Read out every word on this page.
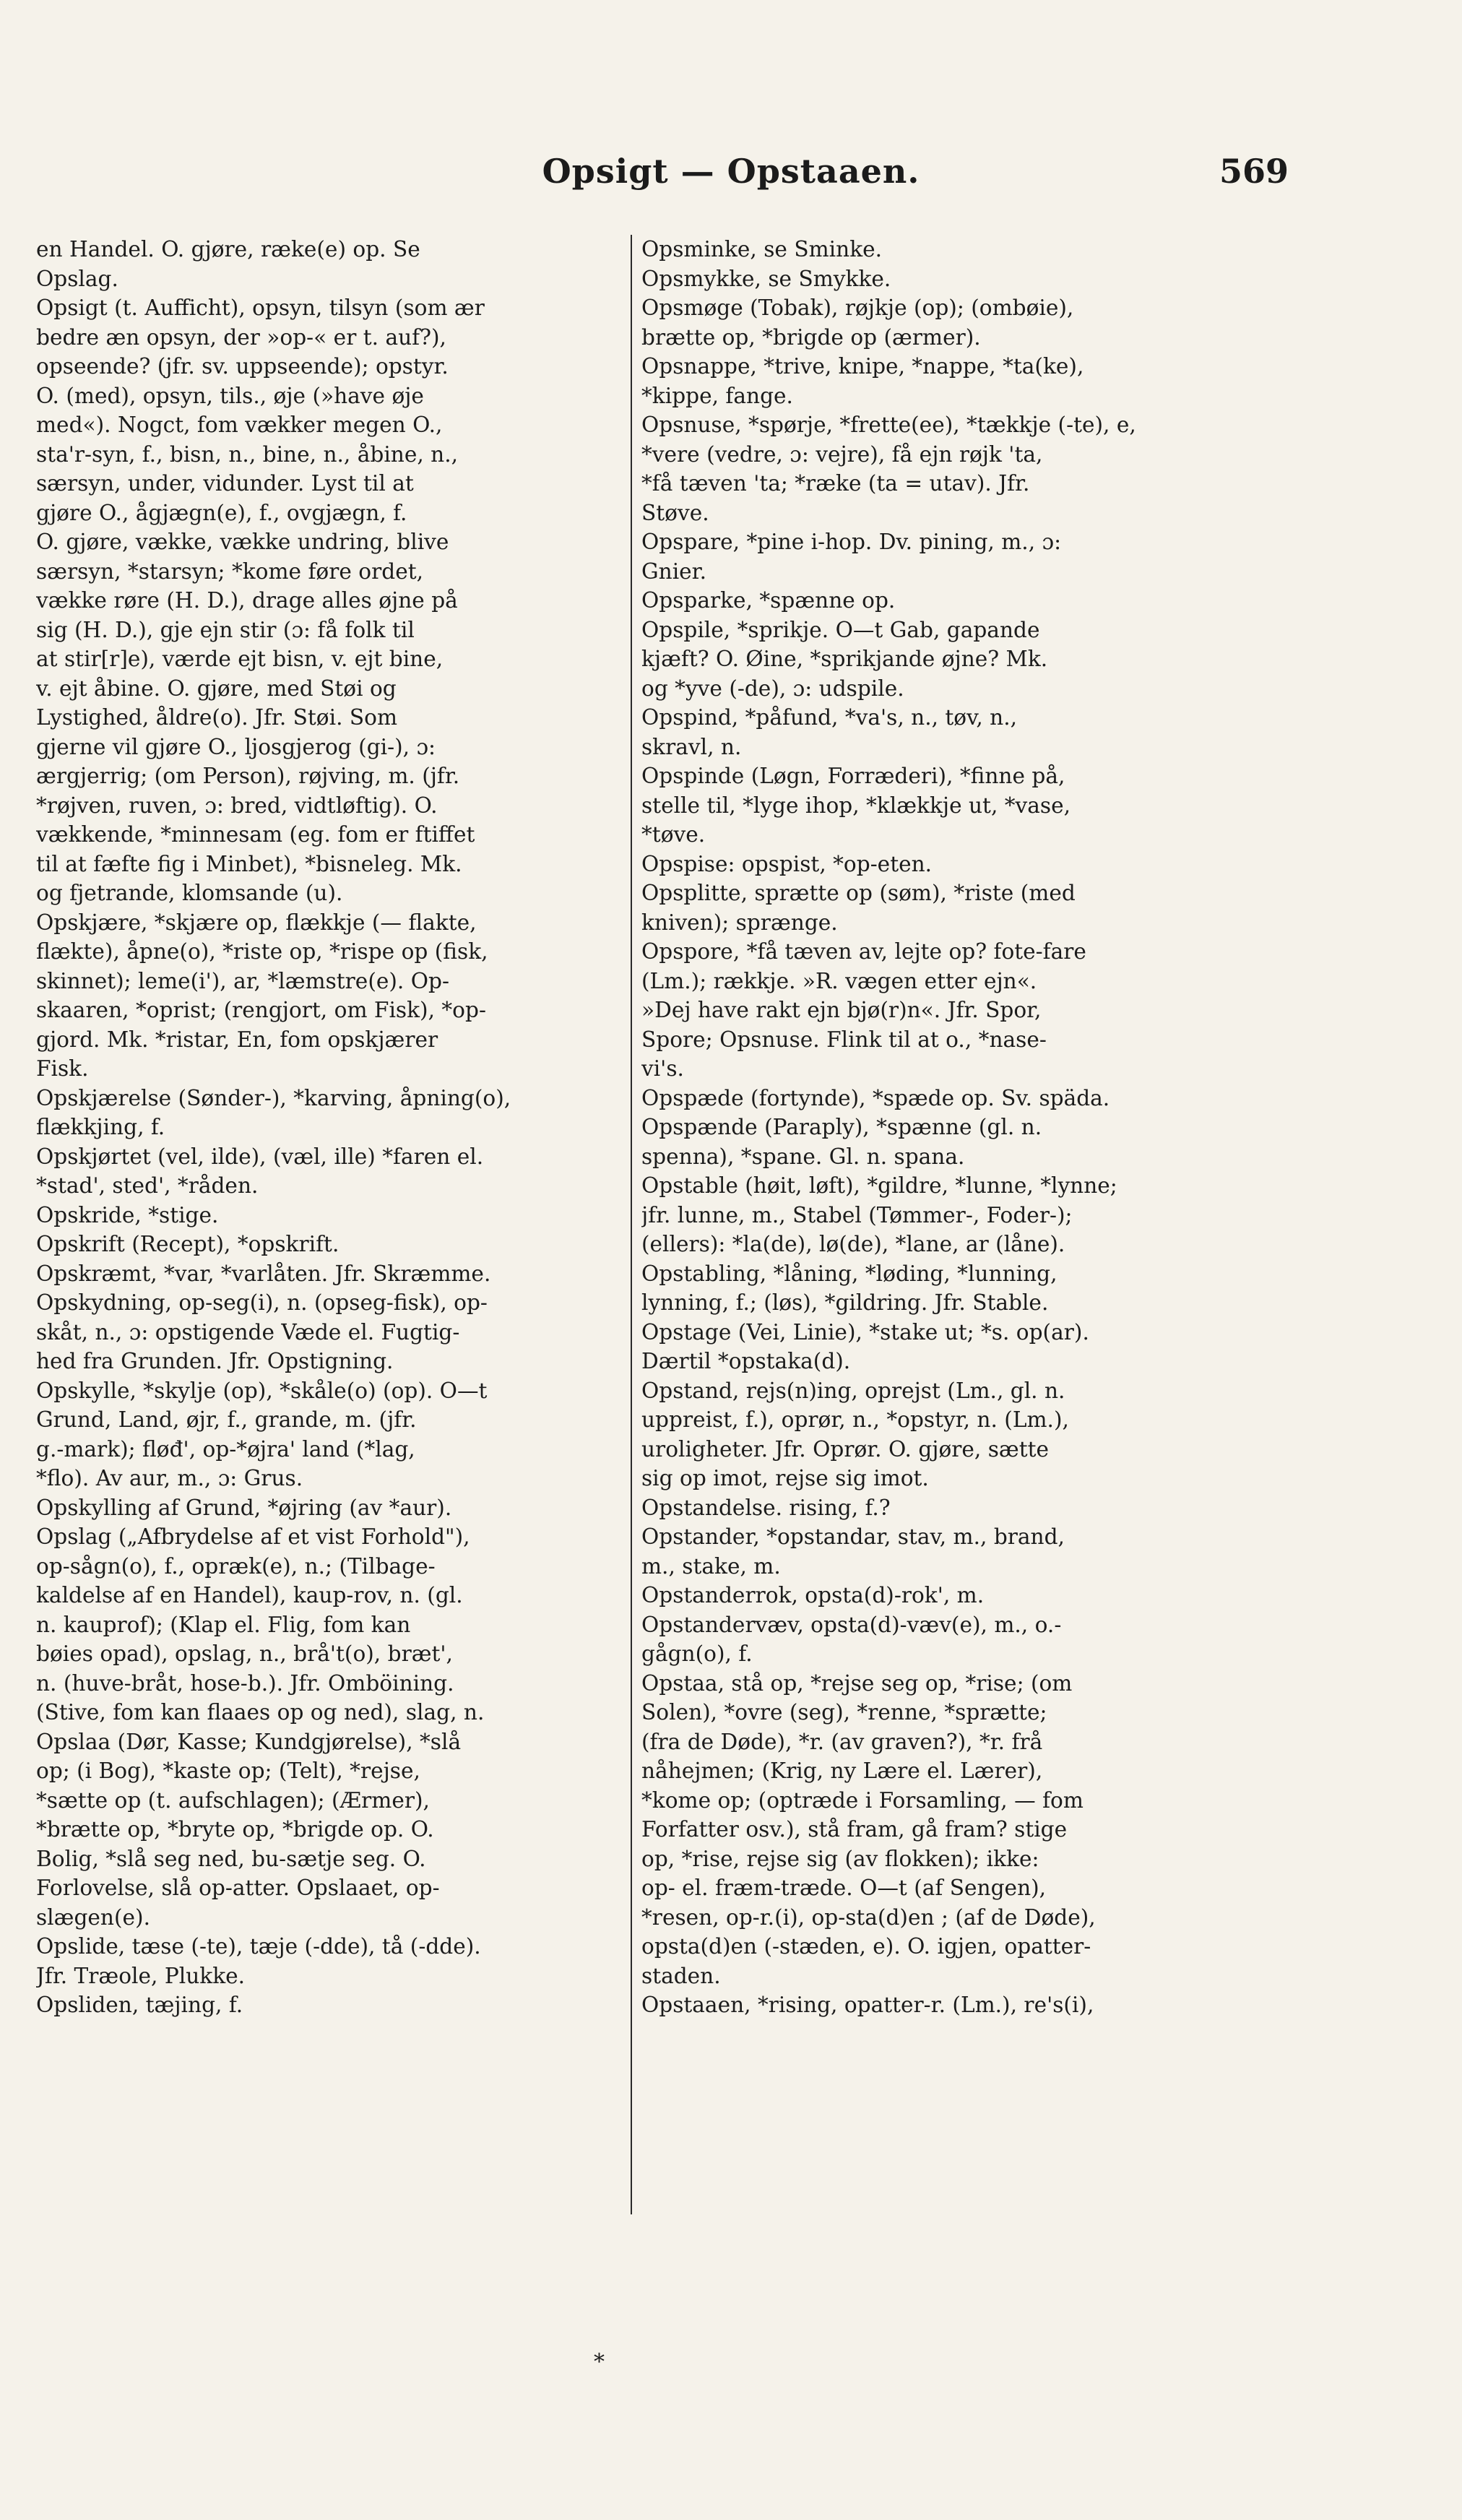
Opsigt — Opstaaen.	569
en Handel. O. gjøre, ræke(e) op. Se
Opslag.
Opsigt (t. Aufficht), opsyn, tilsyn (som ær
bedre æn opsyn, der »op-« er t. auf?),
opseende? (jfr. sv. uppseende); opstyr.
O. (med), opsyn, tils., øje (»have øje
med«). Nogct, fom vækker megen O.,
sta'r-syn, f., bisn, n., bine, n., åbine, n.,
særsyn, under, vidunder. Lyst til at
gjøre O., ågjægn(e), f., ovgjægn, f.
O. gjøre, vække, vække undring, blive
særsyn, *starsyn; *kome føre ordet,
vække røre (H. D.), drage alles øjne på
sig (H. D.), gje ejn stir (ɔ: få folk til
at stir[r]e), værde ejt bisn, v. ejt bine,
v. ejt åbine. O. gjøre, med Støi og
Lystighed, åldre(o). Jfr. Støi. Som
gjerne vil gjøre O., ljosgjerog (gi-), ɔ:
ærgjerrig; (om Person), røjving, m. (jfr.
*røjven, ruven, ɔ: bred, vidtløftig). O.
vækkende, *minnesam (eg. fom er ftiffet
til at fæfte fig i Minbet), *bisneleg. Mk.
og fjetrande, klomsande (u).
Opskjære, *skjære op, flækkje (— flakte,
flækte), åpne(o), *riste op, *rispe op (fisk,
skinnet); leme(i'), ar, *læmstre(e). Op-
skaaren, *oprist; (rengjort, om Fisk), *op-
gjord. Mk. *ristar, En, fom opskjærer
Fisk.
Opskjærelse (Sønder-), *karving, åpning(o),
flækkjing, f.
Opskjørtet (vel, ilde), (væl, ille) *faren el.
*stad', sted', *råden.
Opskride, *stige.
Opskrift (Recept), *opskrift.
Opskræmt, *var, *varlåten. Jfr. Skræmme.
Opskydning, op-seg(i), n. (opseg-fisk), op-
skåt, n., ɔ: opstigende Væde el. Fugtig-
hed fra Grunden. Jfr. Opstigning.
Opskylle, *skylje (op), *skåle(o) (op). O—t
Grund, Land, øjr, f., grande, m. (jfr.
g.-mark); fløđ', op-*øjra' land (*lag,
*flo). Av aur, m., ɔ: Grus.
Opskylling af Grund, *øjring (av *aur).
Opslag („Afbrydelse af et vist Forhold"),
op-sågn(o), f., opræk(e), n.; (Tilbage-
kaldelse af en Handel), kaup-rov, n. (gl.
n. kauprof); (Klap el. Flig, fom kan
bøies opad), opslag, n., brå't(o), bræt',
n. (huve-bråt, hose-b.). Jfr. Omböining.
(Stive, fom kan flaaes op og ned), slag, n.
Opslaa (Dør, Kasse; Kundgjørelse), *slå
op; (i Bog), *kaste op; (Telt), *rejse,
*sætte op (t. aufschlagen); (Ærmer),
*brætte op, *bryte op, *brigde op. O.
Bolig, *slå seg ned, bu-sætje seg. O.
Forlovelse, slå op-atter. Opslaaet, op-
slægen(e).
Opslide, tæse (-te), tæje (-dde), tå (-dde).
Jfr. Træole, Plukke.
Opsliden, tæjing, f.
Opsminke, se Sminke.
Opsmykke, se Smykke.
Opsmøge (Tobak), røjkje (op); (ombøie),
brætte op, *brigde op (ærmer).
Opsnappe, *trive, knipe, *nappe, *ta(ke),
*kippe, fange.
Opsnuse, *spørje, *frette(ee), *tækkje (-te), e,
*vere (vedre, ɔ: vejre), få ejn røjk 'ta,
*få tæven 'ta; *ræke (ta = utav). Jfr.
Støve.
Opspare, *pine i-hop. Dv. pining, m., ɔ:
Gnier.
Opsparke, *spænne op.
Opspile, *sprikje. O—t Gab, gapande
kjæft? O. Øine, *sprikjande øjne? Mk.
og *yve (-de), ɔ: udspile.
Opspind, *påfund, *va's, n., tøv, n.,
skravl, n.
Opspinde (Løgn, Forræderi), *finne på,
stelle til, *lyge ihop, *klækkje ut, *vase,
*tøve.
Opspise: opspist, *op-eten.
Opsplitte, sprætte op (søm), *riste (med
kniven); sprænge.
Opspore, *få tæven av, lejte op? fote-fare
(Lm.); rækkje. »R. vægen etter ejn«.
»Dej have rakt ejn bjø(r)n«. Jfr. Spor,
Spore; Opsnuse. Flink til at o., *nase-
vi's.
Opspæde (fortynde), *spæde op. Sv. späda.
Opspænde (Paraply), *spænne (gl. n.
spenna), *spane. Gl. n. spana.
Opstable (høit, løft), *gildre, *lunne, *lynne;
jfr. lunne, m., Stabel (Tømmer-, Foder-);
(ellers): *la(de), lø(de), *lane, ar (låne).
Opstabling, *låning, *løding, *lunning,
lynning, f.; (løs), *gildring. Jfr. Stable.
Opstage (Vei, Linie), *stake ut; *s. op(ar).
Dærtil *opstaka(d).
Opstand, rejs(n)ing, oprejst (Lm., gl. n.
uppreist, f.), oprør, n., *opstyr, n. (Lm.),
uroligheter. Jfr. Oprør. O. gjøre, sætte
sig op imot, rejse sig imot.
Opstandelse. rising, f.?
Opstander, *opstandar, stav, m., brand,
m., stake, m.
Opstanderrok, opsta(d)-rok', m.
Opstandervæv, opsta(d)-væv(e), m., o.-
gågn(o), f.
Opstaa, stå op, *rejse seg op, *rise; (om
Solen), *ovre (seg), *renne, *sprætte;
(fra de Døde), *r. (av graven?), *r. frå
nåhejmen; (Krig, ny Lære el. Lærer),
*kome op; (optræde i Forsamling, — fom
Forfatter osv.), stå fram, gå fram? stige
op, *rise, rejse sig (av flokken); ikke:
op- el. fræm-træde. O—t (af Sengen),
*resen, op-r.(i), op-sta(d)en ; (af de Døde),
opsta(d)en (-stæden, e). O. igjen, opatter-
staden.
Opstaaen, *rising, opatter-r. (Lm.), re's(i),
*
